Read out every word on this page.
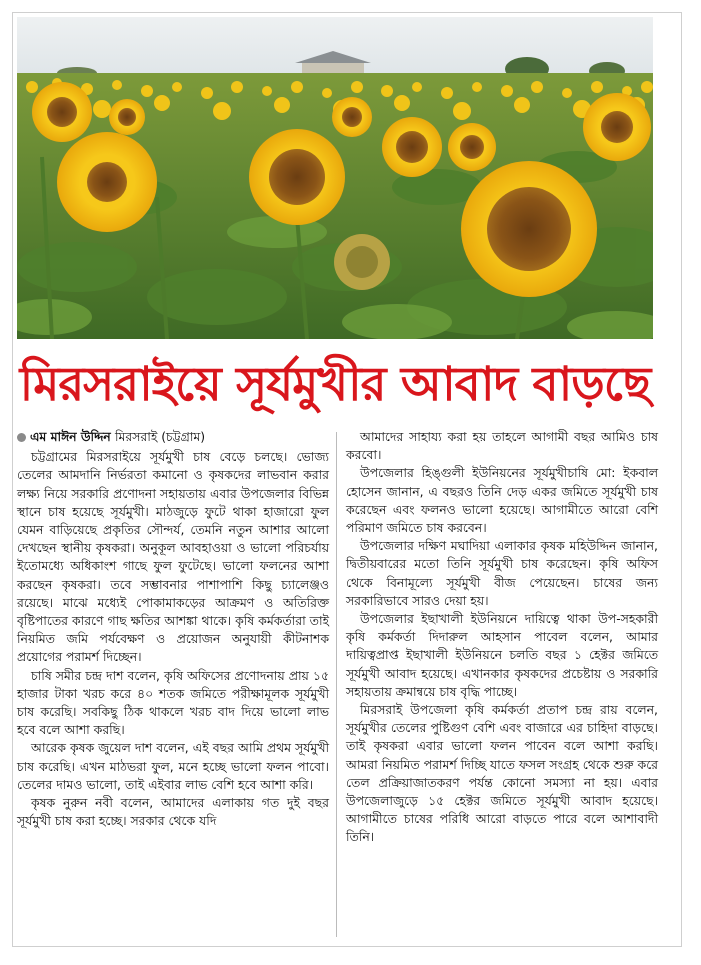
মিরসরাইয়ে সূর্যমুখীর আবাদ বাড়ছে
এম মাঈন উদ্দিন মিরসরাই (চট্টগ্রাম)

চট্টগ্রামের মিরসরাইয়ে সূর্যমুখী চাষ বেড়ে চলছে। ভোজ্য তেলের আমদানি নির্ভরতা কমানো ও কৃষকদের লাভবান করার লক্ষ্য নিয়ে সরকারি প্রণোদনা সহায়তায় এবার উপজেলার বিভিন্ন স্থানে চাষ হয়েছে সূর্যমুখী। মাঠজুড়ে ফুটে থাকা হাজারো ফুল যেমন বাড়িয়েছে প্রকৃতির সৌন্দর্য, তেমনি নতুন আশার আলো দেখছেন স্থানীয় কৃষকরা। অনুকূল আবহাওয়া ও ভালো পরিচর্যায় ইতোমধ্যে অধিকাংশ গাছে ফুল ফুটেছে। ভালো ফলনের আশা করছেন কৃষকরা। তবে সম্ভাবনার পাশাপাশি কিছু চ্যালেঞ্জও রয়েছে। মাঝে মধ্যেই পোকামাকড়ের আক্রমণ ও অতিরিক্ত বৃষ্টিপাতের কারণে গাছ ক্ষতির আশঙ্কা থাকে। কৃষি কর্মকর্তারা তাই নিয়মিত জমি পর্যবেক্ষণ ও প্রয়োজন অনুযায়ী কীটনাশক প্রয়োগের পরামর্শ দিচ্ছেন।

চাষি সমীর চন্দ্র দাশ বলেন, কৃষি অফিসের প্রণোদনায় প্রায় ১৫ হাজার টাকা খরচ করে ৪০ শতক জমিতে পরীক্ষামূলক সূর্যমুখী চাষ করেছি। সবকিছু ঠিক থাকলে খরচ বাদ দিয়ে ভালো লাভ হবে বলে আশা করছি।

আরেক কৃষক জুয়েল দাশ বলেন, এই বছর আমি প্রথম সূর্যমুখী চাষ করেছি। এখন মাঠভরা ফুল, মনে হচ্ছে ভালো ফলন পাবো। তেলের দামও ভালো, তাই এইবার লাভ বেশি হবে আশা করি।

কৃষক নুরুন নবী বলেন, আমাদের এলাকায় গত দুই বছর সূর্যমুখী চাষ করা হচ্ছে। সরকার থেকে যদি

আমাদের সাহায্য করা হয় তাহলে আগামী বছর আমিও চাষ করবো।

উপজেলার হিঙ্গুলী ইউনিয়নের সূর্যমুখীচাষি মো: ইকবাল হোসেন জানান, এ বছরও তিনি দেড় একর জমিতে সূর্যমুখী চাষ করেছেন এবং ফলনও ভালো হয়েছে। আগামীতে আরো বেশি পরিমাণ জমিতে চাষ করবেন।

উপজেলার দক্ষিণ মঘাদিয়া এলাকার কৃষক মহিউদ্দিন জানান, দ্বিতীয়বারের মতো তিনি সূর্যমুখী চাষ করেছেন। কৃষি অফিস থেকে বিনামূল্যে সূর্যমুখী বীজ পেয়েছেন। চাষের জন্য সরকারিভাবে সারও দেয়া হয়।

উপজেলার ইছাখালী ইউনিয়নে দায়িত্বে থাকা উপ-সহকারী কৃষি কর্মকর্তা দিদারুল আহসান পাবেল বলেন, আমার দায়িত্বপ্রাপ্ত ইছাখালী ইউনিয়নে চলতি বছর ১ হেক্টর জমিতে সূর্যমুখী আবাদ হয়েছে। এখানকার কৃষকদের প্রচেষ্টায় ও সরকারি সহায়তায় ক্রমান্বয়ে চাষ বৃদ্ধি পাচ্ছে।

মিরসরাই উপজেলা কৃষি কর্মকর্তা প্রতাপ চন্দ্র রায় বলেন, সূর্যমুখীর তেলের পুষ্টিগুণ বেশি এবং বাজারে এর চাহিদা বাড়ছে। তাই কৃষকরা এবার ভালো ফলন পাবেন বলে আশা করছি। আমরা নিয়মিত পরামর্শ দিচ্ছি যাতে ফসল সংগ্রহ থেকে শুরু করে তেল প্রক্রিয়াজাতকরণ পর্যন্ত কোনো সমস্যা না হয়। এবার উপজেলাজুড়ে ১৫ হেক্টর জমিতে সূর্যমুখী আবাদ হয়েছে। আগামীতে চাষের পরিধি আরো বাড়তে পারে বলে আশাবাদী তিনি।
